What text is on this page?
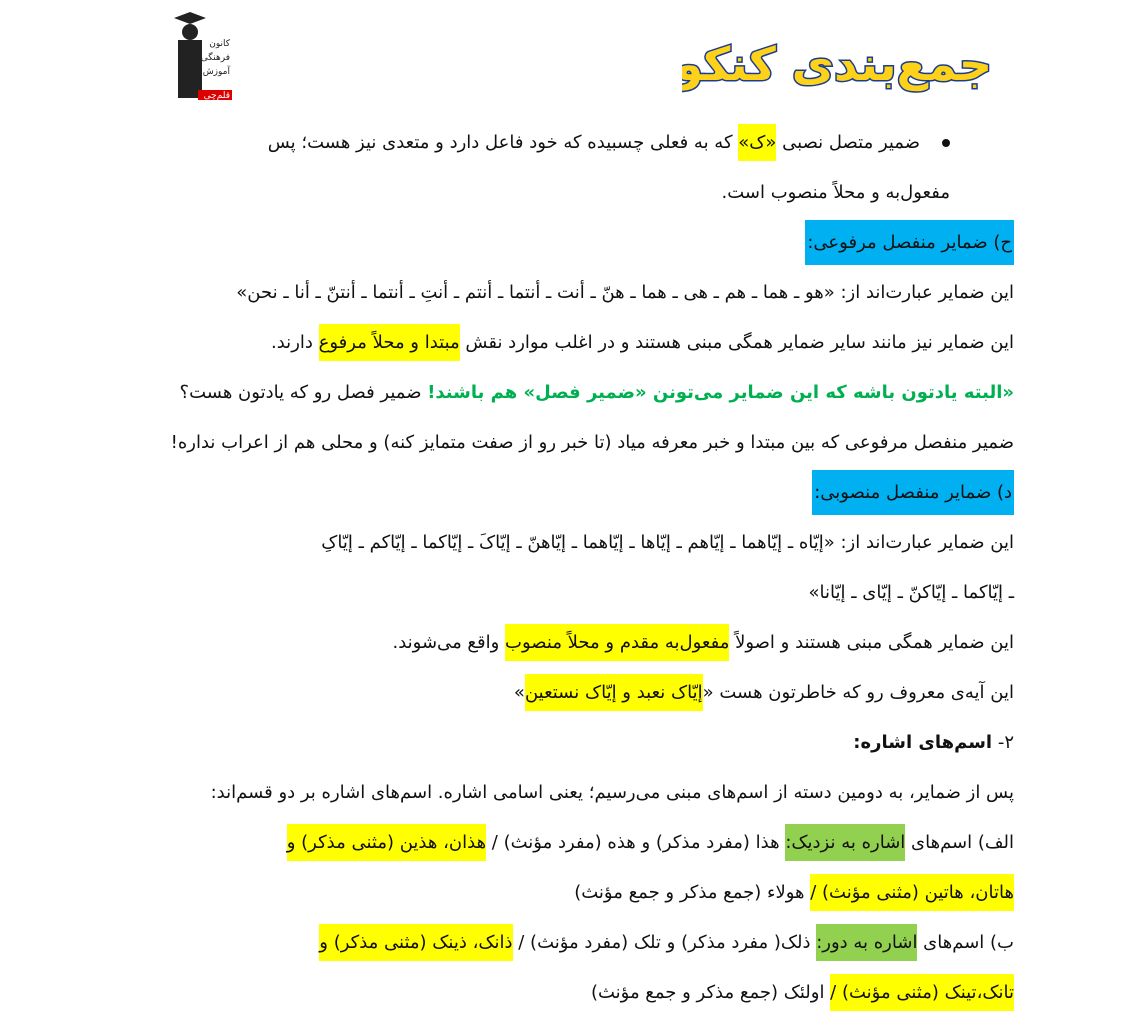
کانون
فرهنگی
آموزش
قلم‌چی
جمع‌بندی کنکور
ضمیر متصل نصبی «ک» که به فعلی چسبیده که خود فاعل دارد و متعدی نیز هست؛ پس
مفعول‌به و محلاً منصوب است.
ح) ضمایر منفصل مرفوعی:
این ضمایر عبارت‌اند از: «هو ـ هما ـ هم ـ هی ـ هما ـ هنّ ـ أنت ـ أنتما ـ أنتم ـ أنتِ ـ أنتما ـ أنتنّ ـ أنا ـ نحن»
این ضمایر نیز مانند سایر ضمایر همگی مبنی هستند و در اغلب موارد نقش مبتدا و محلاً مرفوع دارند.
«البته یادتون باشه که این ضمایر می‌تونن «ضمیر فصل» هم باشند! ضمیر فصل رو که یادتون هست؟
ضمیر منفصل مرفوعی که بین مبتدا و خبر معرفه میاد (تا خبر رو از صفت متمایز کنه) و محلی هم از اعراب نداره!
د) ضمایر منفصل منصوبی:
این ضمایر عبارت‌اند از: «إیّاه ـ إیّاهما ـ إیّاهم ـ إیّاها ـ إیّاهما ـ إیّاهنّ ـ إیّاکَ ـ إیّاکما ـ إیّاکم ـ إیّاکِ
ـ إیّاکما ـ إیّاکنّ ـ إیّای ـ إیّانا»
این ضمایر همگی مبنی هستند و اصولاً مفعول‌به مقدم و محلاً منصوب واقع می‌شوند.
این آیه‌ی معروف رو که خاطرتون هست «إیّاک نعبد و إیّاک نستعین»
۲- اسم‌های اشاره:
پس از ضمایر، به دومین دسته از اسم‌های مبنی می‌رسیم؛ یعنی اسامی اشاره. اسم‌های اشاره بر دو قسم‌اند:
الف) اسم‌های اشاره به نزدیک: هذا (مفرد مذکر) و هذه (مفرد مؤنث) / هذان، هذین (مثنی مذکر) و
هاتان، هاتین (مثنی مؤنث) / هولاء (جمع مذکر و جمع مؤنث)
ب) اسم‌های اشاره به دور: ذلک( مفرد مذکر) و تلک (مفرد مؤنث) / ذانک، ذینک (مثنی مذکر) و
تانک،تینک (مثنی مؤنث) / اولئک (جمع مذکر و جمع مؤنث)
